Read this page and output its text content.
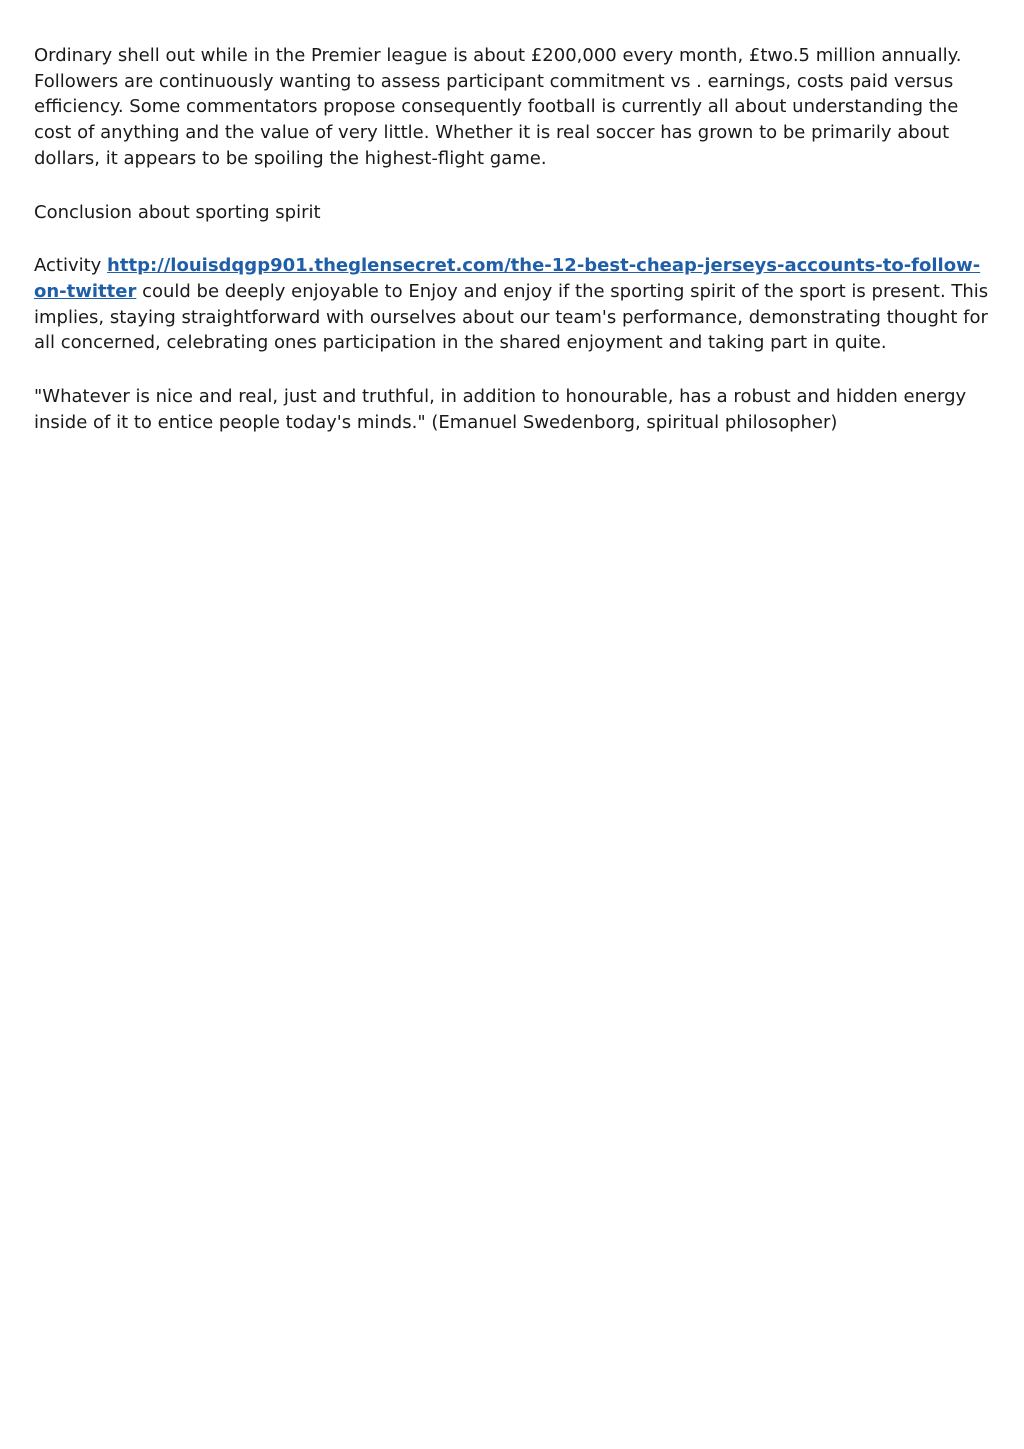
Ordinary shell out while in the Premier league is about £200,000 every month, £two.5 million annually. Followers are continuously wanting to assess participant commitment vs . earnings, costs paid versus efficiency. Some commentators propose consequently football is currently all about understanding the cost of anything and the value of very little. Whether it is real soccer has grown to be primarily about dollars, it appears to be spoiling the highest-flight game.

Conclusion about sporting spirit

Activity http://louisdqgp901.theglensecret.com/the-12-best-cheap-jerseys-accounts-to-follow-on-twitter could be deeply enjoyable to Enjoy and enjoy if the sporting spirit of the sport is present. This implies, staying straightforward with ourselves about our team's performance, demonstrating thought for all concerned, celebrating ones participation in the shared enjoyment and taking part in quite.

"Whatever is nice and real, just and truthful, in addition to honourable, has a robust and hidden energy inside of it to entice people today's minds." (Emanuel Swedenborg, spiritual philosopher)
